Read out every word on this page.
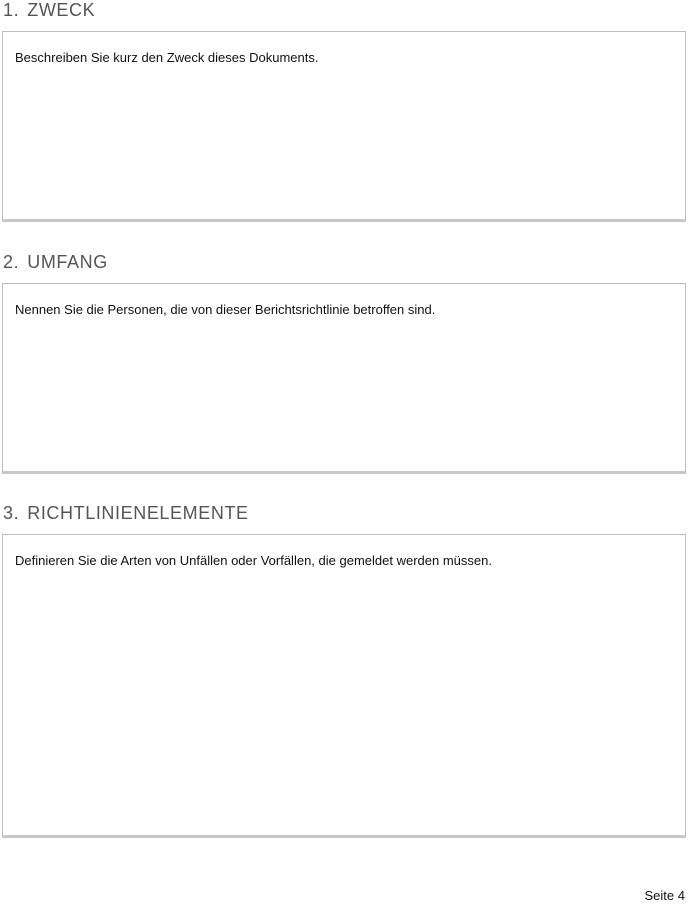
1. ZWECK
Beschreiben Sie kurz den Zweck dieses Dokuments.
2. UMFANG
Nennen Sie die Personen, die von dieser Berichtsrichtlinie betroffen sind.
3. RICHTLINIENELEMENTE
Definieren Sie die Arten von Unfällen oder Vorfällen, die gemeldet werden müssen.
Seite 4
